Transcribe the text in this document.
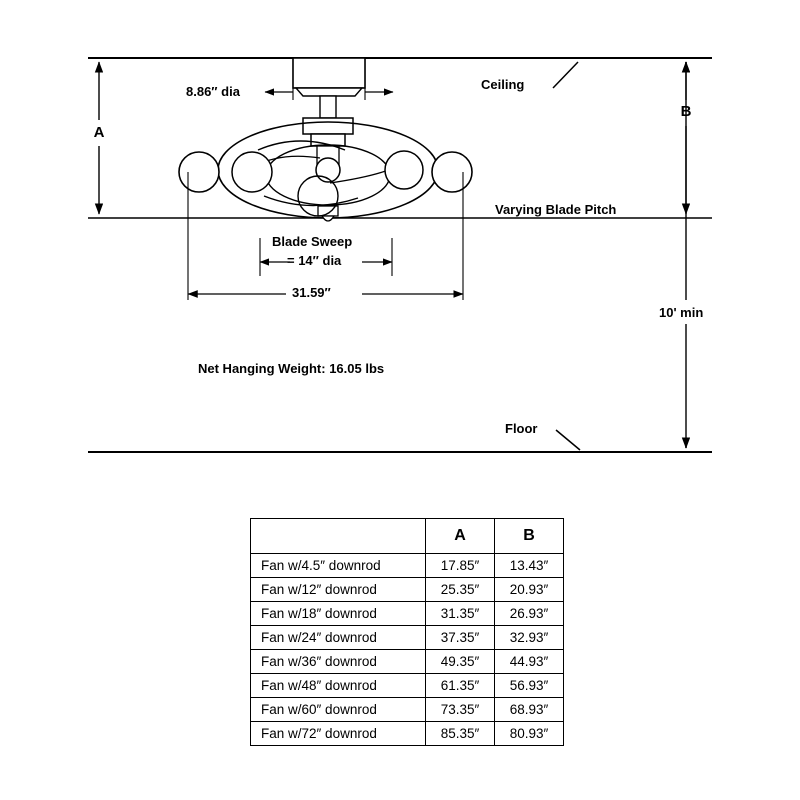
A
B
Ceiling
Floor
Varying Blade Pitch
10' min
8.86″ dia
Blade Sweep
= 14″ dia
31.59″
Net Hanging Weight: 16.05 lbs
	A	B
Fan w/4.5″ downrod	17.85″	13.43″
Fan w/12″ downrod	25.35″	20.93″
Fan w/18″ downrod	31.35″	26.93″
Fan w/24″ downrod	37.35″	32.93″
Fan w/36″ downrod	49.35″	44.93″
Fan w/48″ downrod	61.35″	56.93″
Fan w/60″ downrod	73.35″	68.93″
Fan w/72″ downrod	85.35″	80.93″
